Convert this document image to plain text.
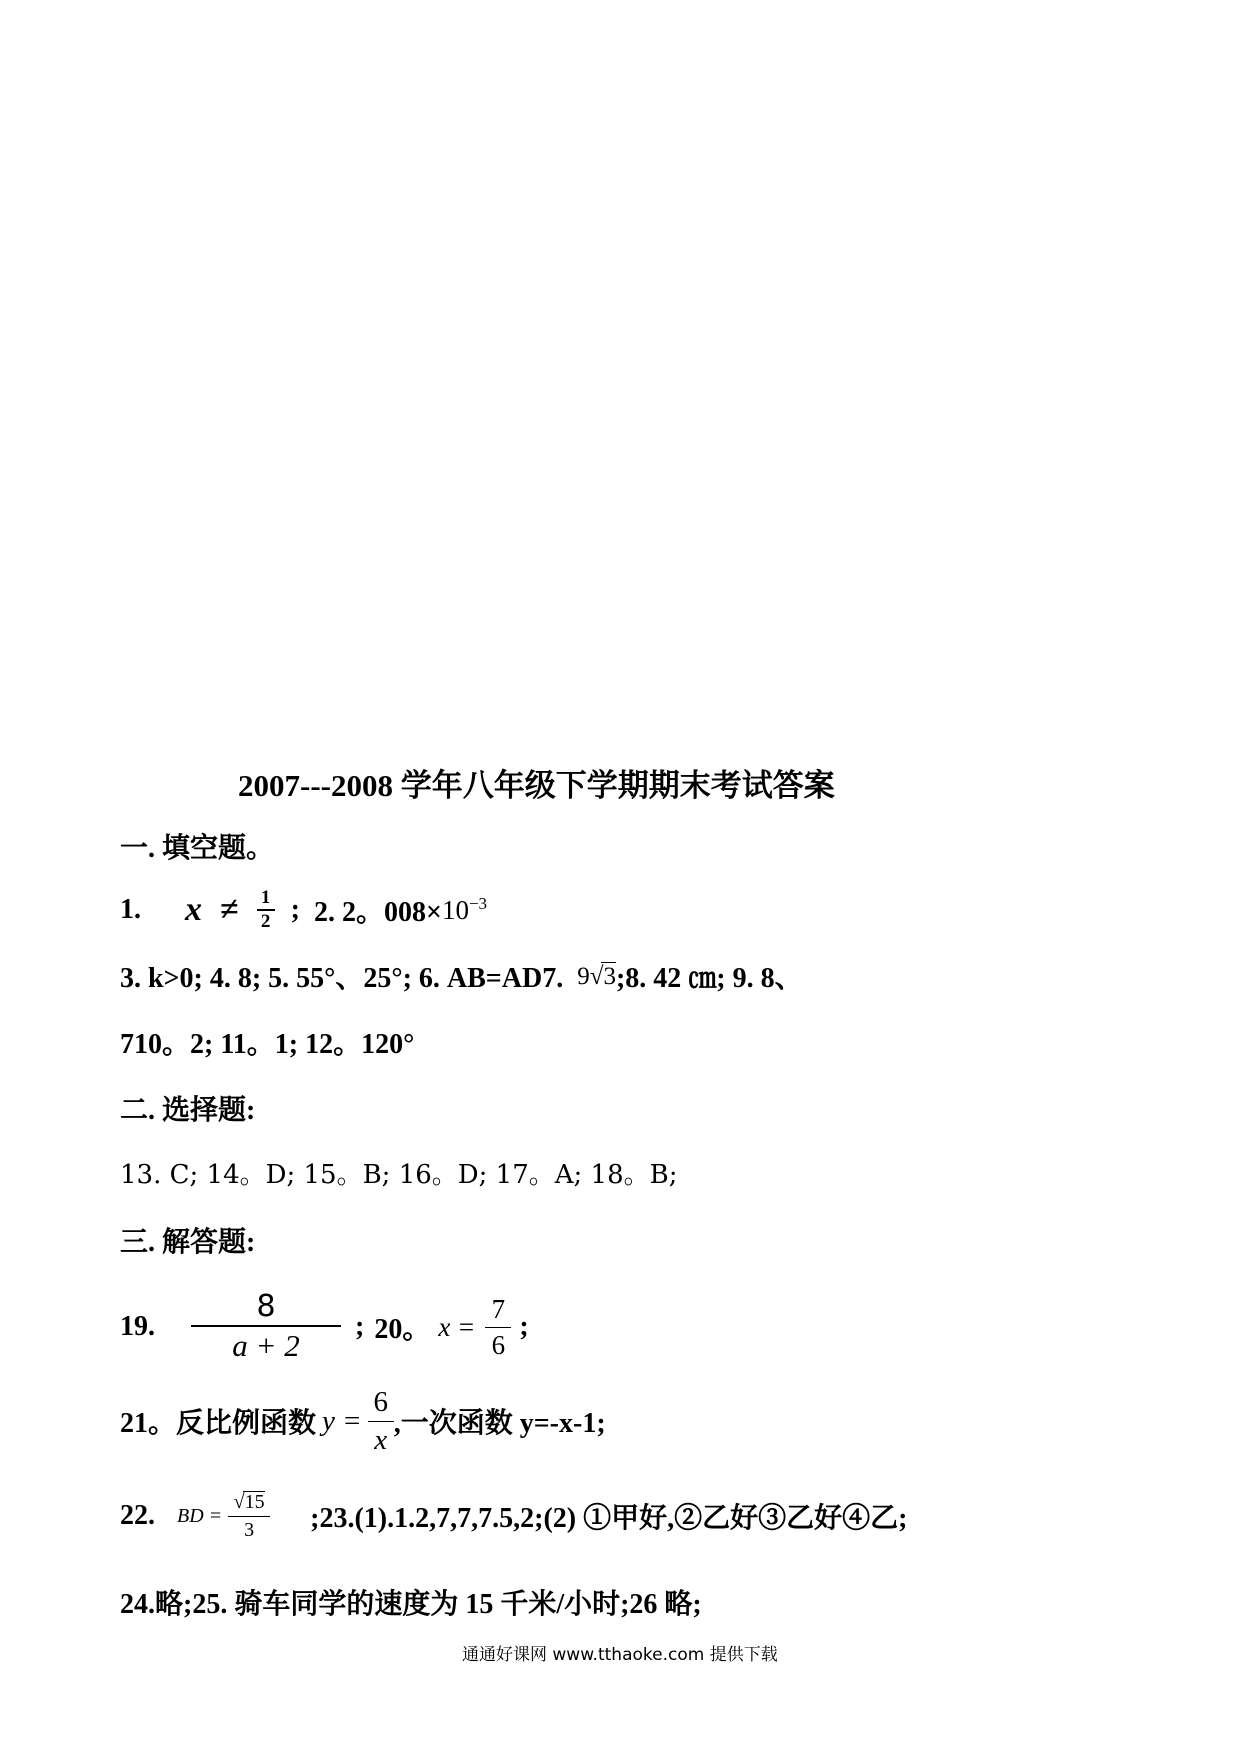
2007---2008 学年八年级下学期期末考试答案
一. 填空题。
1. $x \ne \frac{1}{2}$ ; 2. 2。$008\times 10^{-3}$
3. k>0; 4. 8; 5. 55°、25°; 6. AB=AD7. 9√3 ;8. 42 ㎝; 9. 8、
710。2; 11。1; 12。120°
二. 选择题:
13. C; 14。D; 15。B; 16。D; 17。A; 18。B;
三. 解答题:
19. $\frac{8}{a + 2}$ ; 20。 $x = \frac{7}{6}$ ;
21。反比例函数 $y = \frac{6}{x}$ ,一次函数 y=-x-1;
22. BD = $\frac{√15}{3}$ ;23.(1).1.2,7,7,7.5,2;(2) ①甲好,②乙好③乙好④乙;
24.略;25. 骑车同学的速度为 15 千米/小时;26 略;
通通好课网 www.tthaoke.com 提供下载
